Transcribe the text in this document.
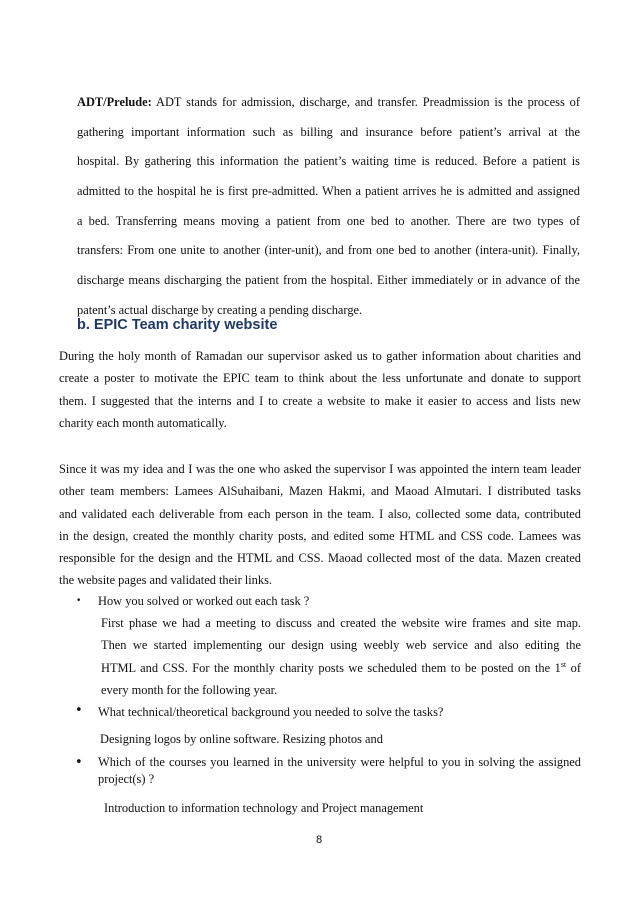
ADT/Prelude: ADT stands for admission, discharge, and transfer. Preadmission is the process of
gathering important information such as billing and insurance before patient’s arrival at the
hospital. By gathering this information the patient’s waiting time is reduced. Before a patient is
admitted to the hospital he is first pre-admitted. When a patient arrives he is admitted and assigned
a bed. Transferring means moving a patient from one bed to another. There are two types of
transfers: From one unite to another (inter-unit), and from one bed to another (intera-unit). Finally,
discharge means discharging the patient from the hospital. Either immediately or in advance of the
patent’s actual discharge by creating a pending discharge.
b. EPIC Team charity website
During the holy month of Ramadan our supervisor asked us to gather information about charities and
create a poster to motivate the EPIC team to think about the less unfortunate and donate to support
them. I suggested that the interns and I to create a website to make it easier to access and lists new
charity each month automatically.
Since it was my idea and I was the one who asked the supervisor I was appointed the intern team leader
other team members: Lamees AlSuhaibani, Mazen Hakmi, and Maoad Almutari. I distributed tasks
and validated each deliverable from each person in the team. I also, collected some data, contributed
in the design, created the monthly charity posts, and edited some HTML and CSS code. Lamees was
responsible for the design and the HTML and CSS. Maoad collected most of the data. Mazen created
the website pages and validated their links.
• How you solved or worked out each task ?
First phase we had a meeting to discuss and created the website wire frames and site map.
Then we started implementing our design using weebly web service and also editing the
HTML and CSS. For the monthly charity posts we scheduled them to be posted on the 1st of
every month for the following year.
• What technical/theoretical background you needed to solve the tasks?
Designing logos by online software. Resizing photos and
• Which of the courses you learned in the university were helpful to you in solving the assigned
project(s) ?
Introduction to information technology and Project management
8
